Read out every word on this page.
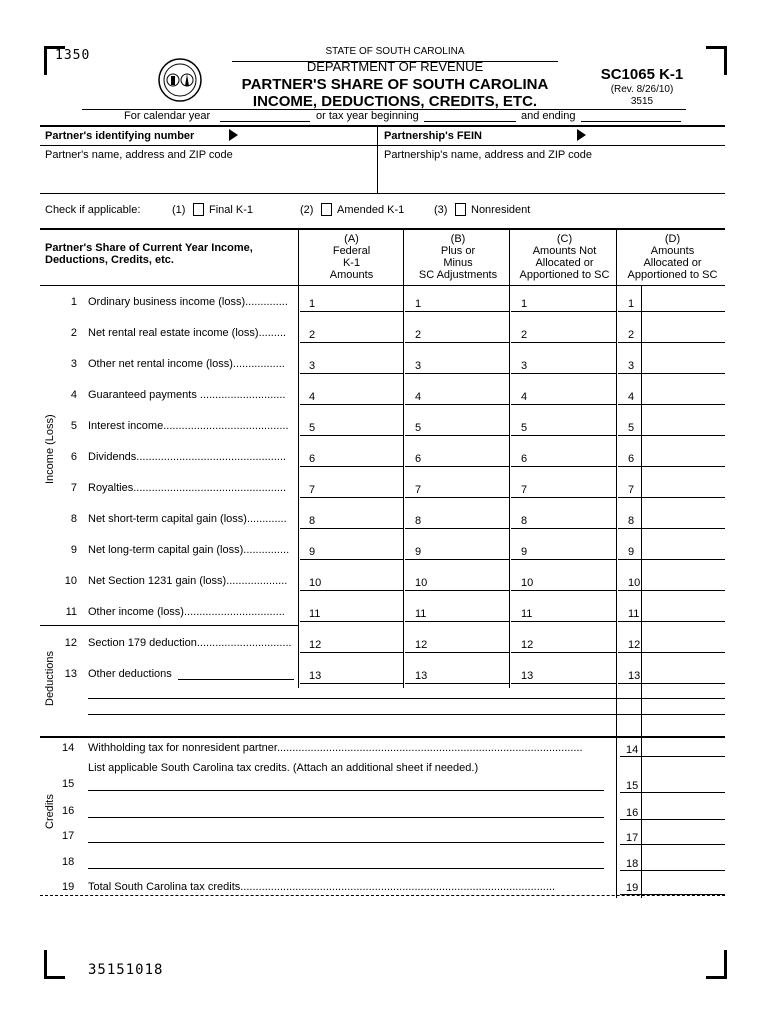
1350
35151018
STATE OF SOUTH CAROLINA
DEPARTMENT OF REVENUE
PARTNER'S SHARE OF SOUTH CAROLINA
INCOME, DEDUCTIONS, CREDITS, ETC.
SC1065 K-1
(Rev. 8/26/10)
3515
For calendar year	or tax year beginning	and ending
Partner's identifying number	Partnership's FEIN
Partner's name, address and ZIP code	Partnership's name, address and ZIP code
Check if applicable:	(1) Final K-1	(2) Amended K-1	(3) Nonresident
Partner's Share of Current Year Income,
Deductions, Credits, etc.
(A)
Federal
K-1
Amounts
(B)
Plus or
Minus
SC Adjustments
(C)
Amounts Not
Allocated or
Apportioned to SC
(D)
Amounts
Allocated or
Apportioned to SC
Income (Loss)
Deductions
Credits
1 Ordinary business income (loss)..............	1	1	1	1
2 Net rental real estate income (loss).........	2	2	2	2
3 Other net rental income (loss).................	3	3	3	3
4 Guaranteed payments ............................	4	4	4	4
5 Interest income.........................................	5	5	5	5
6 Dividends.................................................	6	6	6	6
7 Royalties..................................................	7	7	7	7
8 Net short-term capital gain (loss).............	8	8	8	8
9 Net long-term capital gain (loss)...............	9	9	9	9
10 Net Section 1231 gain (loss)....................	10	10	10	10
11 Other income (loss).................................	11	11	11	11
12 Section 179 deduction............................... 12	12	12	12
13 Other deductions	13	13	13	13
14 Withholding tax for nonresident partner....................................................................................................	14
List applicable South Carolina tax credits. (Attach an additional sheet if needed.)
15	15
16	16
17	17
18	18
19 Total South Carolina tax credits.......................................................................................................	19
